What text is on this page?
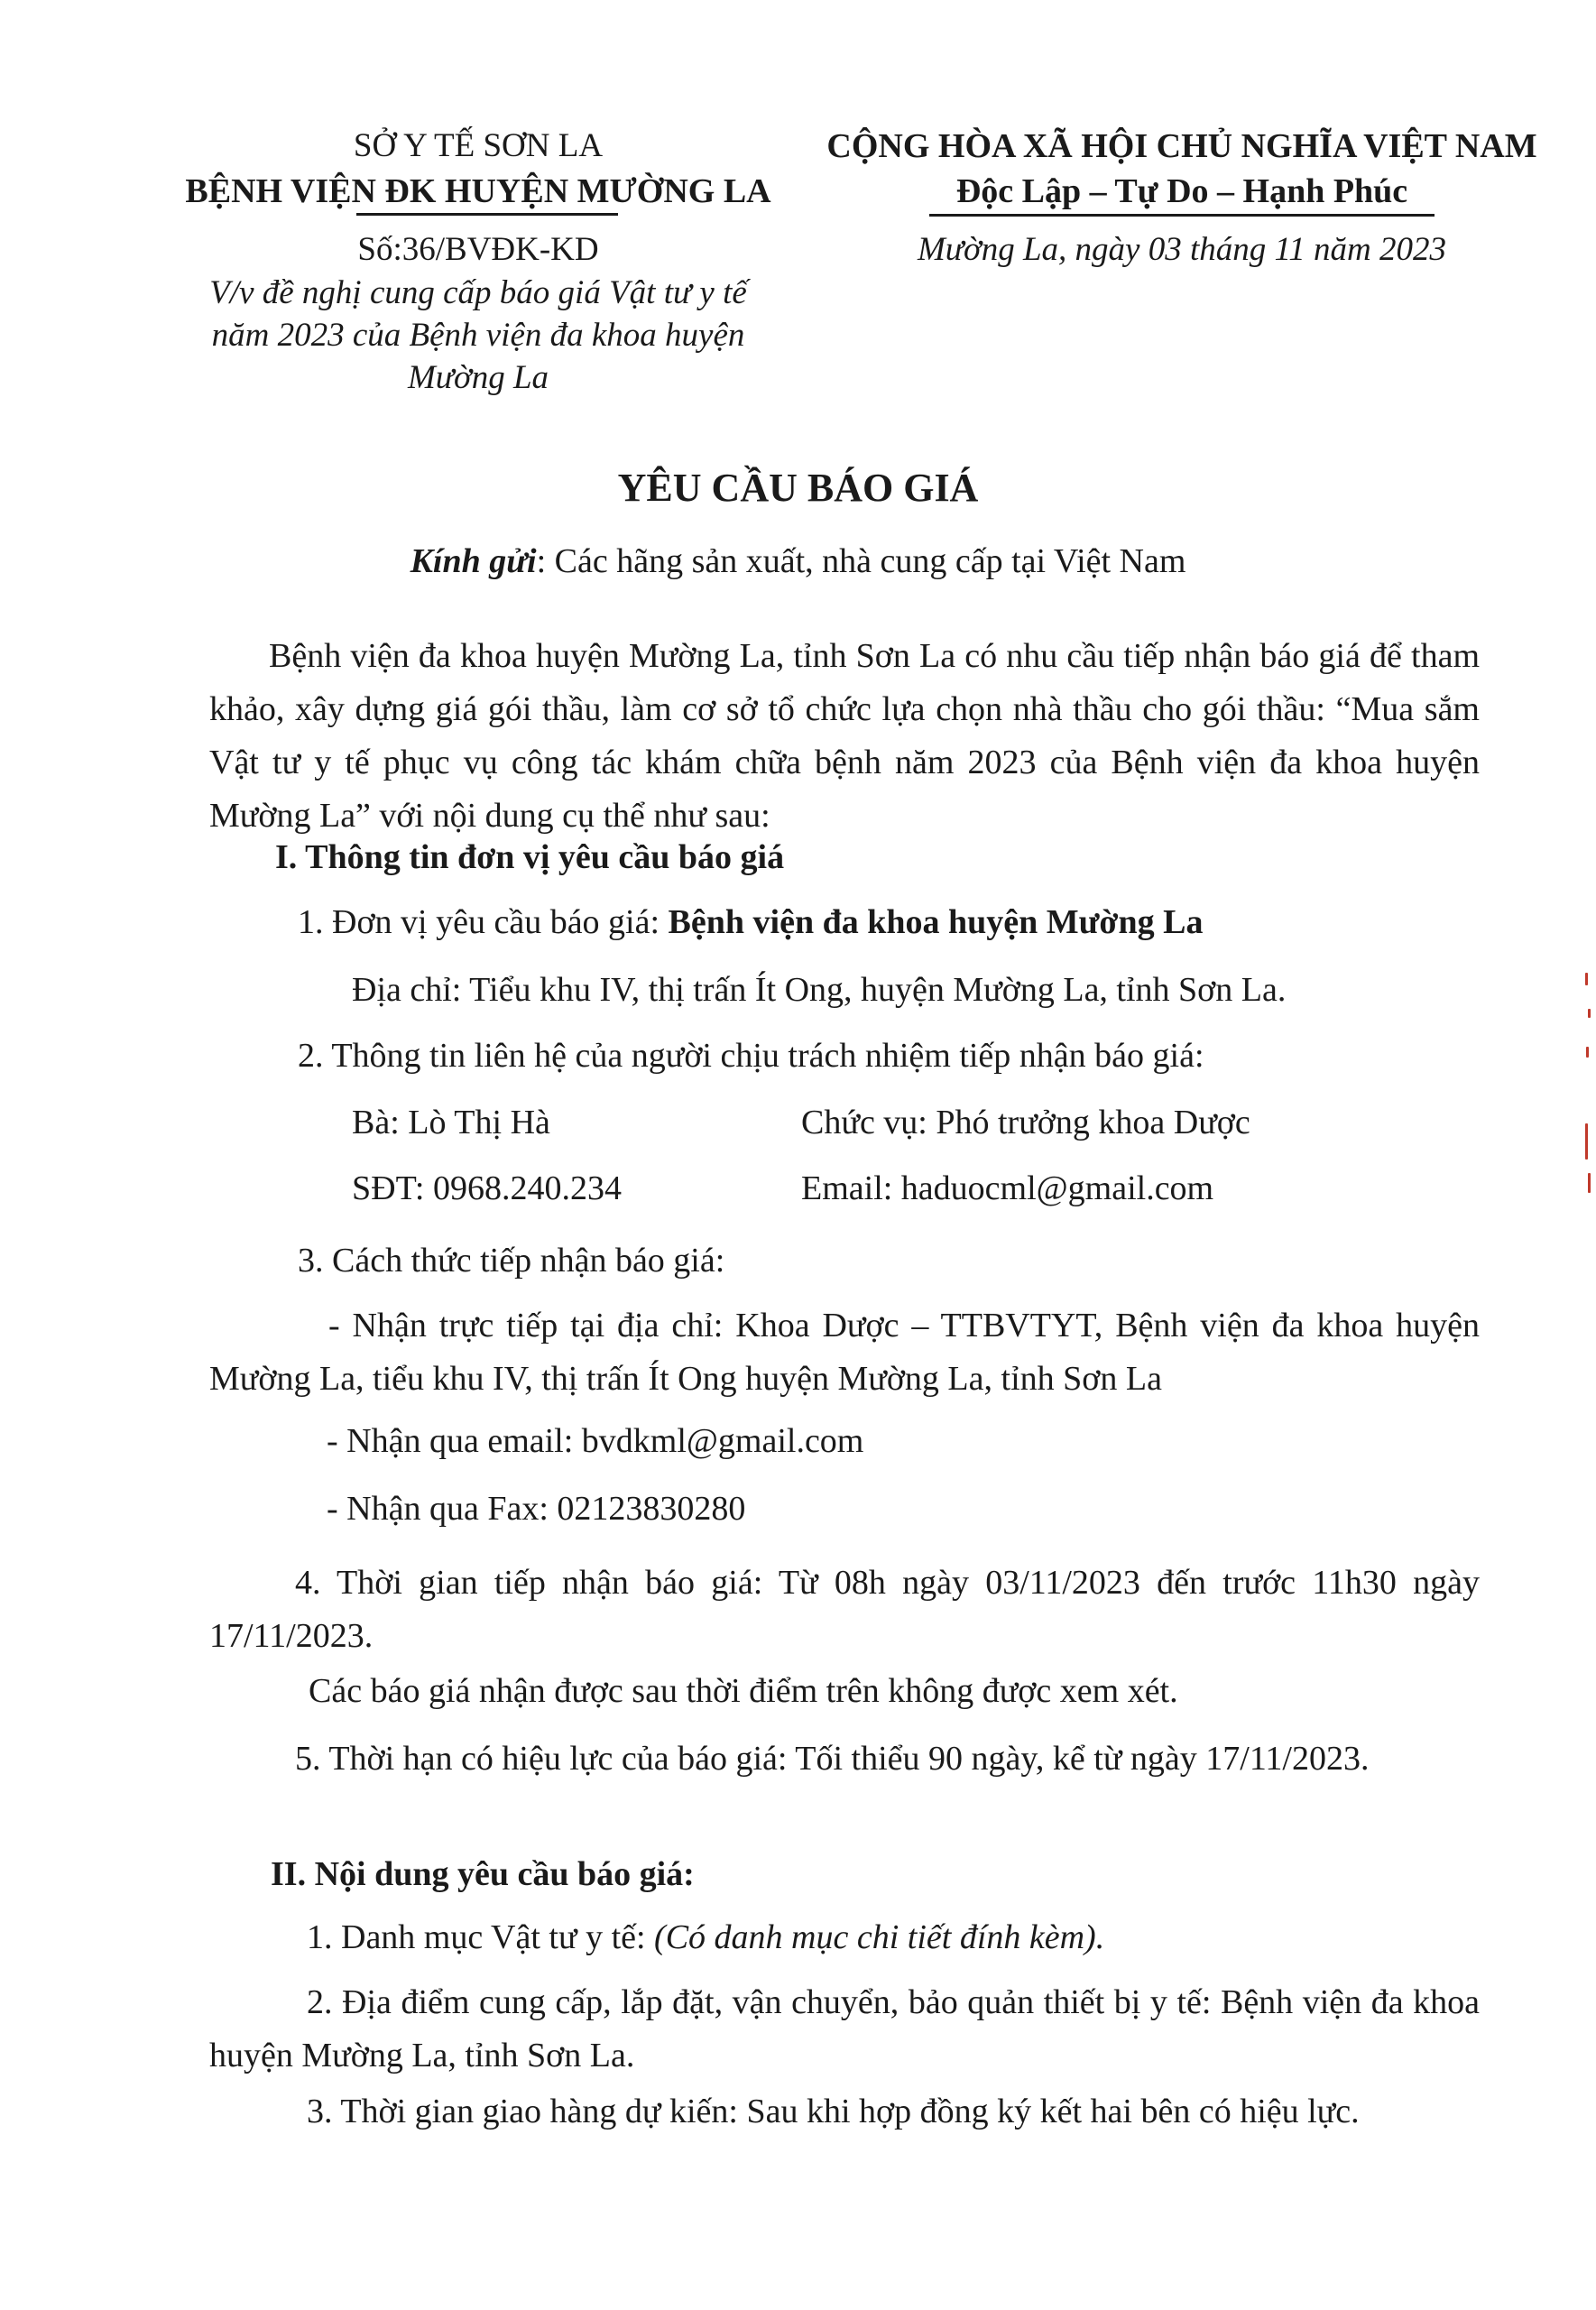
SỞ Y TẾ SƠN LA
BỆNH VIỆN ĐK HUYỆN MƯỜNG LA
Số:36/BVĐK-KD
V/v đề nghị cung cấp báo giá Vật tư y tế
năm 2023 của Bệnh viện đa khoa huyện
Mường La
CỘNG HÒA XÃ HỘI CHỦ NGHĨA VIỆT NAM
Độc Lập – Tự Do – Hạnh Phúc
Mường La, ngày 03 tháng 11 năm 2023
YÊU CẦU BÁO GIÁ
Kính gửi: Các hãng sản xuất, nhà cung cấp tại Việt Nam
Bệnh viện đa khoa huyện Mường La, tỉnh Sơn La có nhu cầu tiếp nhận báo giá để tham khảo, xây dựng giá gói thầu, làm cơ sở tổ chức lựa chọn nhà thầu cho gói thầu: “Mua sắm Vật tư y tế phục vụ công tác khám chữa bệnh năm 2023 của Bệnh viện đa khoa huyện Mường La” với nội dung cụ thể như sau:
I. Thông tin đơn vị yêu cầu báo giá
1. Đơn vị yêu cầu báo giá: Bệnh viện đa khoa huyện Mường La
Địa chỉ: Tiểu khu IV, thị trấn Ít Ong, huyện Mường La, tỉnh Sơn La.
2. Thông tin liên hệ của người chịu trách nhiệm tiếp nhận báo giá:
Bà: Lò Thị Hà	Chức vụ: Phó trưởng khoa Dược
SĐT: 0968.240.234	Email: haduocml@gmail.com
3. Cách thức tiếp nhận báo giá:
- Nhận trực tiếp tại địa chỉ: Khoa Dược – TTBVTYT, Bệnh viện đa khoa huyện Mường La, tiểu khu IV, thị trấn Ít Ong huyện Mường La, tỉnh Sơn La
- Nhận qua email: bvdkml@gmail.com
- Nhận qua Fax: 02123830280
4. Thời gian tiếp nhận báo giá: Từ 08h ngày 03/11/2023 đến trước 11h30 ngày 17/11/2023.
Các báo giá nhận được sau thời điểm trên không được xem xét.
5. Thời hạn có hiệu lực của báo giá: Tối thiểu 90 ngày, kể từ ngày 17/11/2023.
II. Nội dung yêu cầu báo giá:
1. Danh mục Vật tư y tế: (Có danh mục chi tiết đính kèm).
2. Địa điểm cung cấp, lắp đặt, vận chuyển, bảo quản thiết bị y tế: Bệnh viện đa khoa huyện Mường La, tỉnh Sơn La.
3. Thời gian giao hàng dự kiến: Sau khi hợp đồng ký kết hai bên có hiệu lực.
